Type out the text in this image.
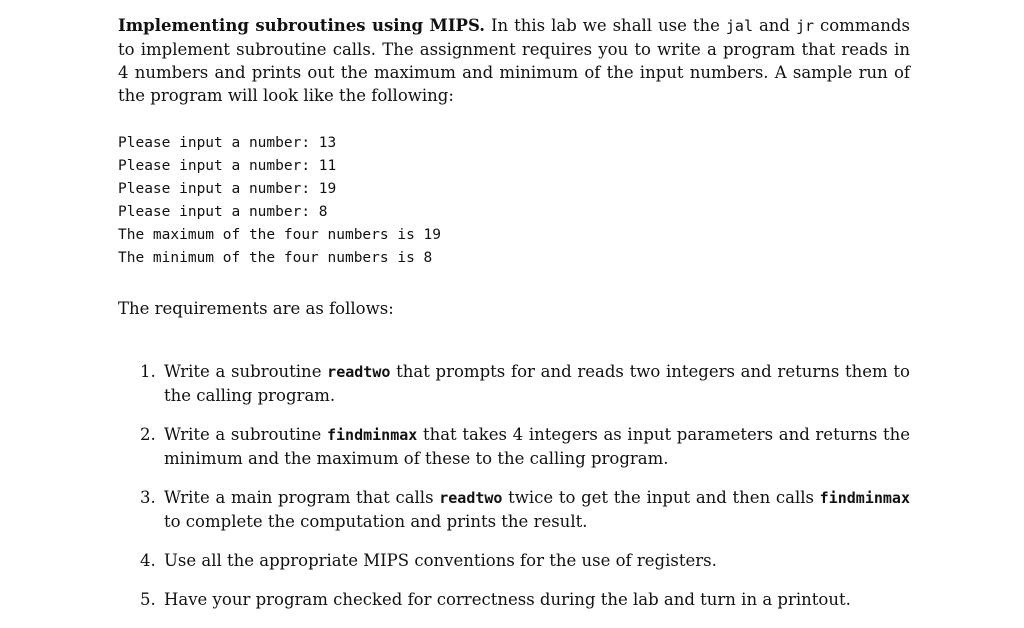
Implementing subroutines using MIPS. In this lab we shall use the jal and jr commands to implement subroutine calls. The assignment requires you to write a program that reads in 4 numbers and prints out the maximum and minimum of the input numbers. A sample run of the program will look like the following:

Please input a number: 13
Please input a number: 11
Please input a number: 19
Please input a number: 8
The maximum of the four numbers is 19
The minimum of the four numbers is 8
The requirements are as follows:
1. Write a subroutine readtwo that prompts for and reads two integers and returns them to the calling program.
2. Write a subroutine findminmax that takes 4 integers as input parameters and returns the minimum and the maximum of these to the calling program.
3. Write a main program that calls readtwo twice to get the input and then calls findminmax to complete the computation and prints the result.
4. Use all the appropriate MIPS conventions for the use of registers.
5. Have your program checked for correctness during the lab and turn in a printout.
